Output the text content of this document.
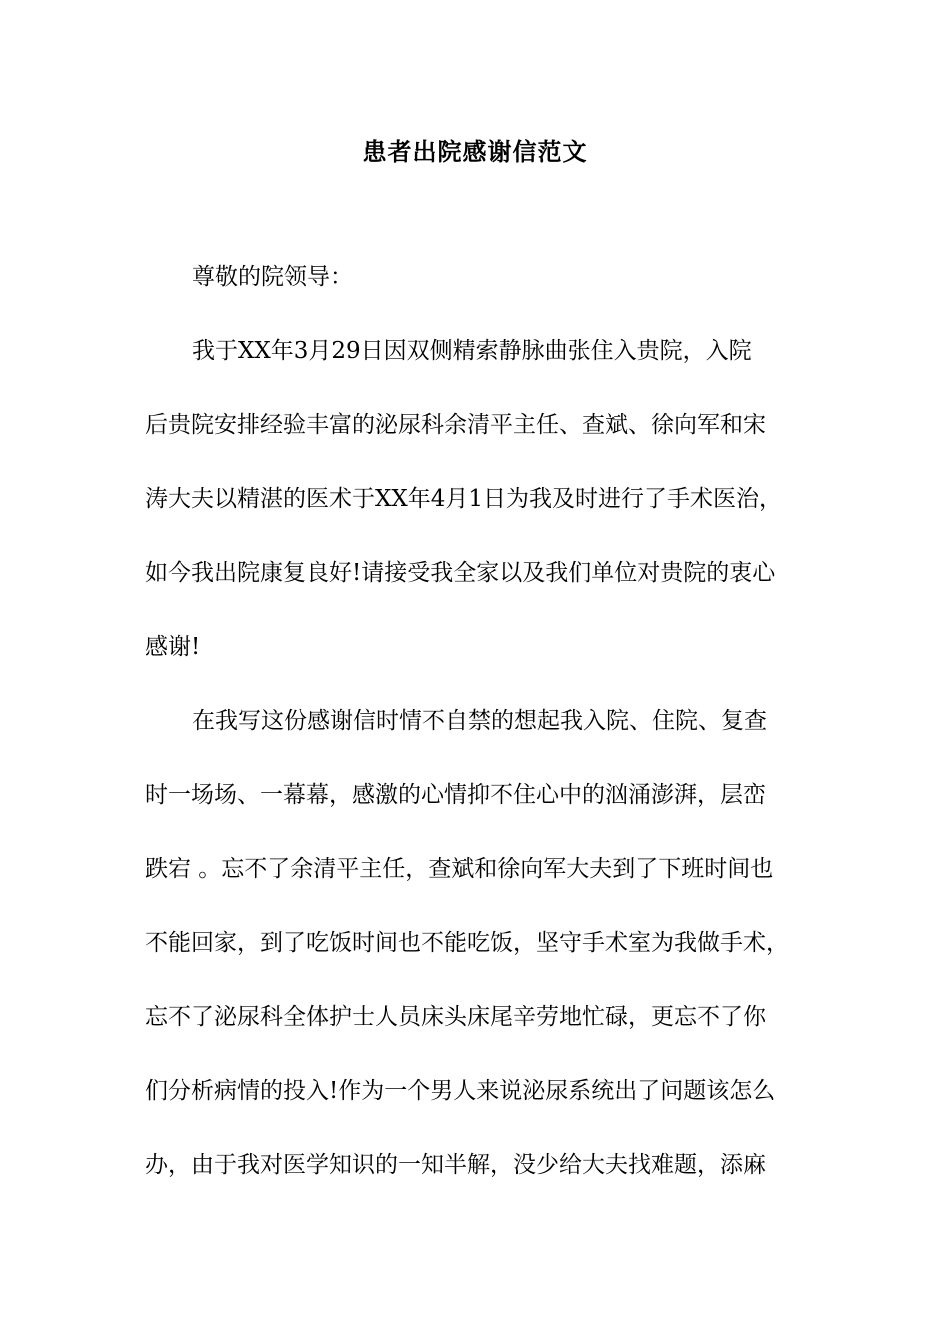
患者出院感谢信范文
尊敬的院领导：
我于XX年3月29日因双侧精索静脉曲张住入贵院，入院
后贵院安排经验丰富的泌尿科余清平主任、查斌、徐向军和宋
涛大夫以精湛的医术于XX年4月1日为我及时进行了手术医治，
如今我出院康复良好!请接受我全家以及我们单位对贵院的衷心
感谢!
在我写这份感谢信时情不自禁的想起我入院、住院、复查
时一场场、一幕幕，感激的心情抑不住心中的汹涌澎湃，层峦
跌宕 。忘不了余清平主任，查斌和徐向军大夫到了下班时间也
不能回家，到了吃饭时间也不能吃饭，坚守手术室为我做手术，
忘不了泌尿科全体护士人员床头床尾辛劳地忙碌，更忘不了你
们分析病情的投入!作为一个男人来说泌尿系统出了问题该怎么
办，由于我对医学知识的一知半解，没少给大夫找难题，添麻
